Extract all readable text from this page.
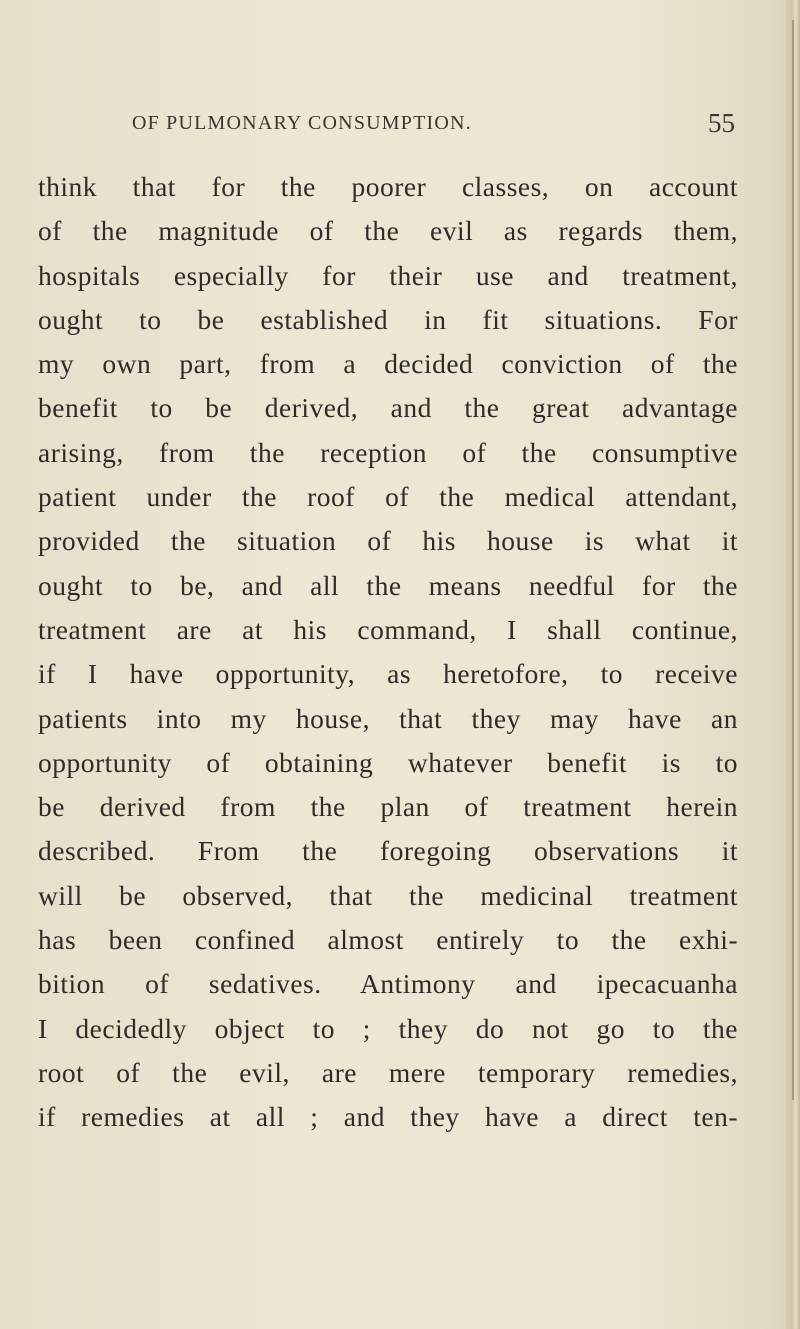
OF PULMONARY CONSUMPTION.	55
think that for the poorer classes, on account
of the magnitude of the evil as regards them,
hospitals especially for their use and treatment,
ought to be established in fit situations. For
my own part, from a decided conviction of the
benefit to be derived, and the great advantage
arising, from the reception of the consumptive
patient under the roof of the medical attendant,
provided the situation of his house is what it
ought to be, and all the means needful for the
treatment are at his command, I shall continue,
if I have opportunity, as heretofore, to receive
patients into my house, that they may have an
opportunity of obtaining whatever benefit is to
be derived from the plan of treatment herein
described. From the foregoing observations it
will be observed, that the medicinal treatment
has been confined almost entirely to the exhi-
bition of sedatives. Antimony and ipecacuanha
I decidedly object to ; they do not go to the
root of the evil, are mere temporary remedies,
if remedies at all ; and they have a direct ten-
